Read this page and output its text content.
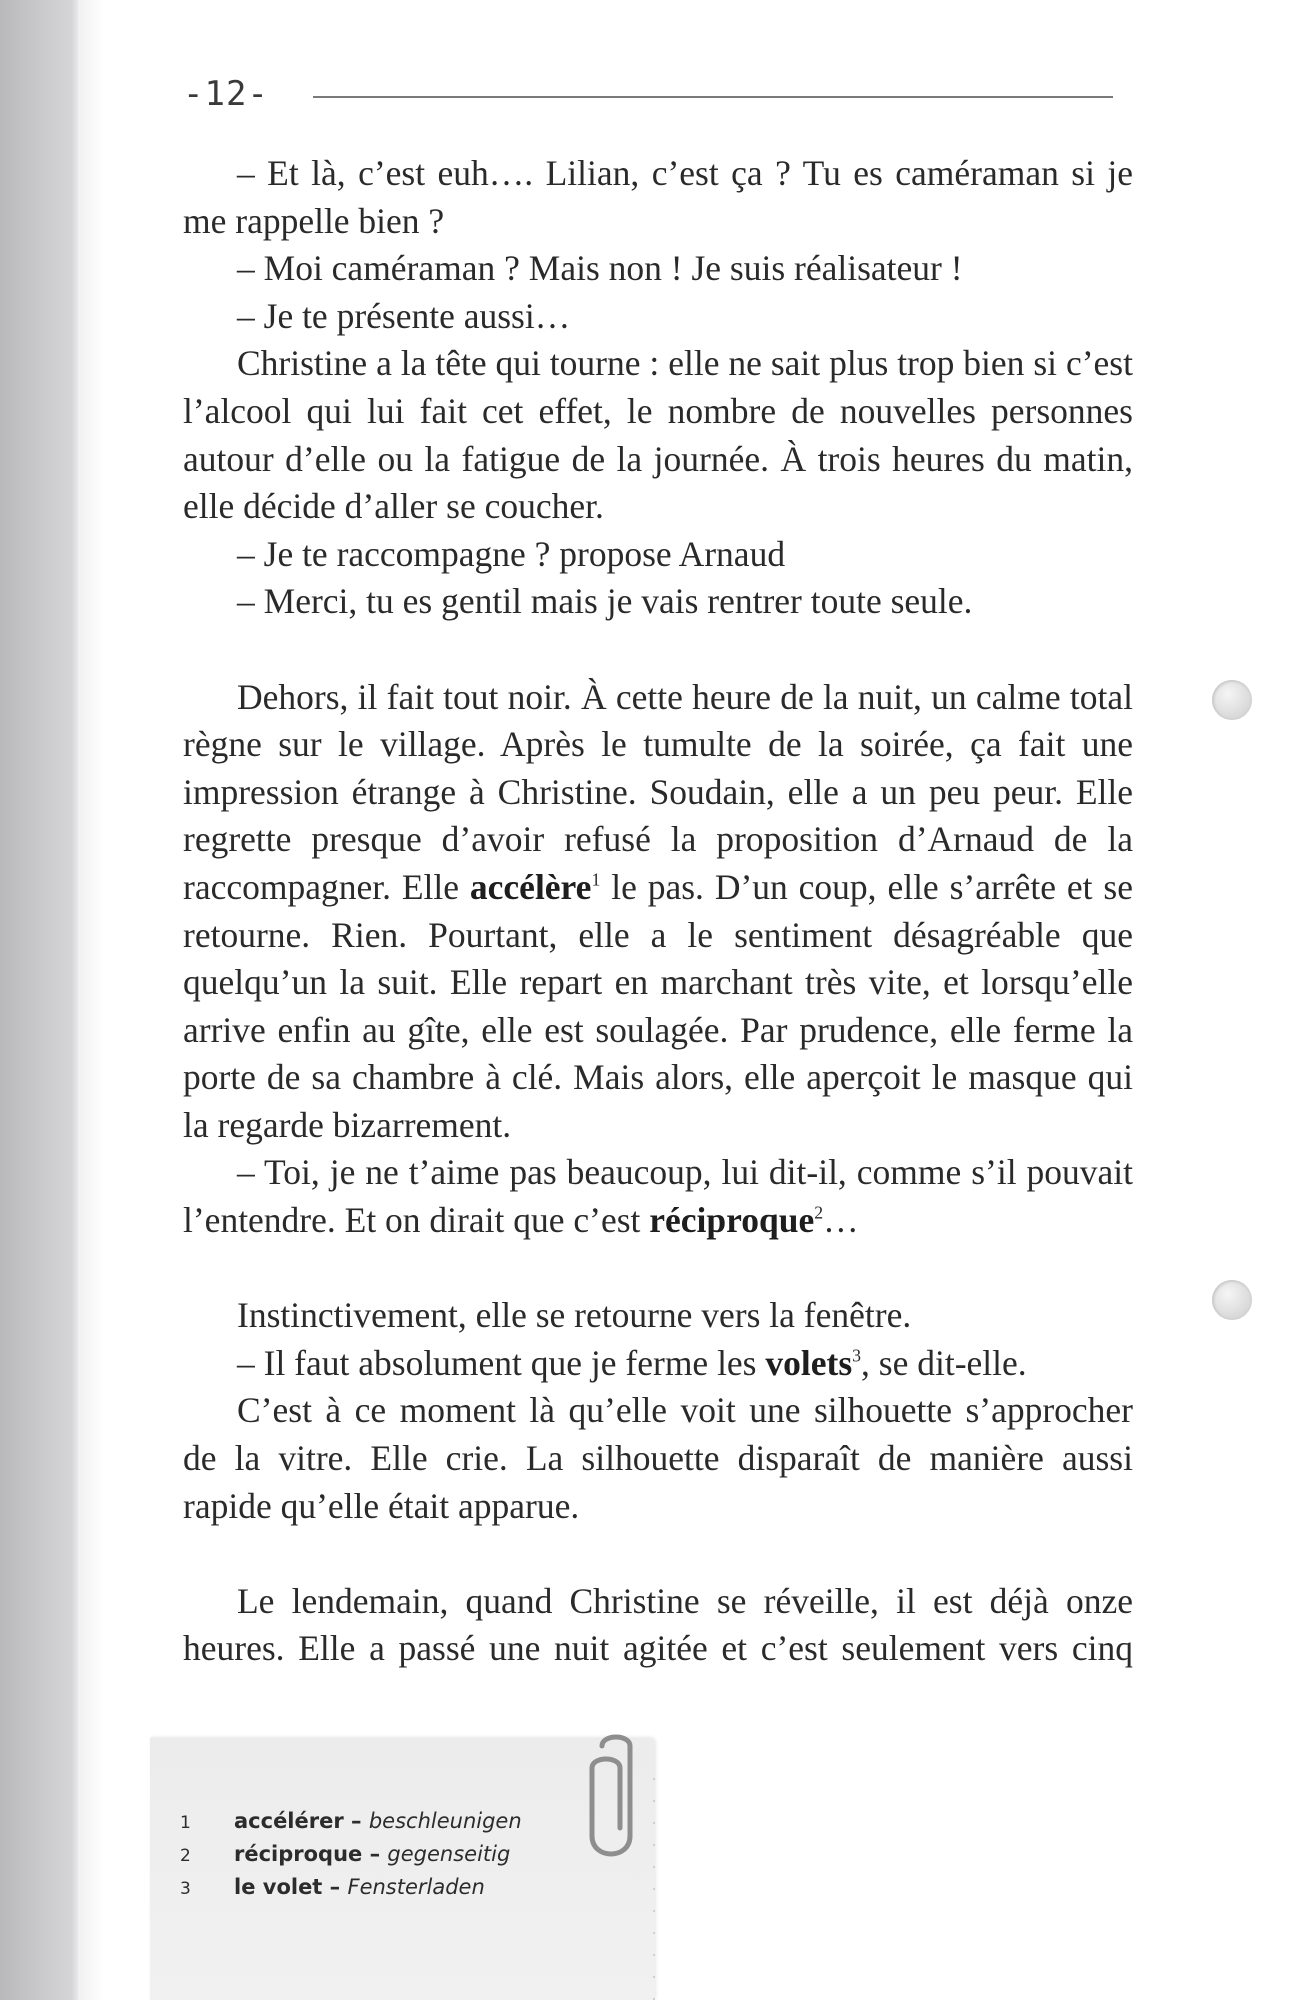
-12-

– Et là, c’est euh…. Lilian, c’est ça ? Tu es caméraman si je me rappelle bien ?

– Moi caméraman ? Mais non ! Je suis réalisateur !

– Je te présente aussi…

Christine a la tête qui tourne : elle ne sait plus trop bien si c’est l’alcool qui lui fait cet effet, le nombre de nouvelles personnes autour d’elle ou la fatigue de la journée. À trois heures du matin, elle décide d’aller se coucher.

– Je te raccompagne ? propose Arnaud

– Merci, tu es gentil mais je vais rentrer toute seule.

Dehors, il fait tout noir. À cette heure de la nuit, un calme total règne sur le village. Après le tumulte de la soirée, ça fait une impression étrange à Christine. Soudain, elle a un peu peur. Elle regrette presque d’avoir refusé la proposition d’Arnaud de la raccompagner. Elle accélère$^1$ le pas. D’un coup, elle s’arrête et se retourne. Rien. Pourtant, elle a le sentiment désagréable que quelqu’un la suit. Elle repart en marchant très vite, et lorsqu’elle arrive enfin au gîte, elle est soulagée. Par prudence, elle ferme la porte de sa chambre à clé. Mais alors, elle aperçoit le masque qui la regarde bizarrement.

– Toi, je ne t’aime pas beaucoup, lui dit-il, comme s’il pouvait l’entendre. Et on dirait que c’est réciproque$^2$…

Instinctivement, elle se retourne vers la fenêtre.

– Il faut absolument que je ferme les volets$^3$, se dit-elle.

C’est à ce moment là qu’elle voit une silhouette s’approcher de la vitre. Elle crie. La silhouette disparaît de manière aussi rapide qu’elle était apparue.

Le lendemain, quand Christine se réveille, il est déjà onze heures. Elle a passé une nuit agitée et c’est seulement vers cinq

1 accélérer – beschleunigen
2 réciproque – gegenseitig
3 le volet – Fensterladen
